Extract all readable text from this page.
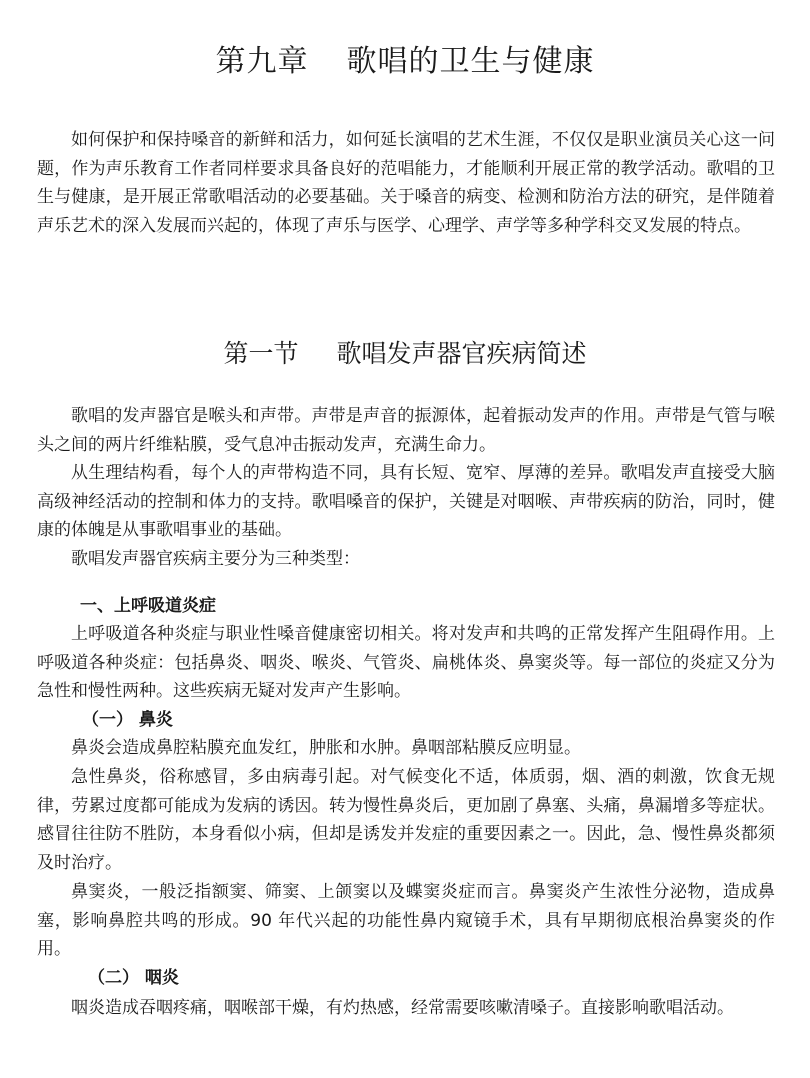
第九章 歌唱的卫生与健康

如何保护和保持嗓音的新鲜和活力，如何延长演唱的艺术生涯，不仅仅是职业演员关心这一问题，作为声乐教育工作者同样要求具备良好的范唱能力，才能顺利开展正常的教学活动。歌唱的卫生与健康，是开展正常歌唱活动的必要基础。关于嗓音的病变、检测和防治方法的研究，是伴随着声乐艺术的深入发展而兴起的，体现了声乐与医学、心理学、声学等多种学科交叉发展的特点。

第一节 歌唱发声器官疾病简述

歌唱的发声器官是喉头和声带。声带是声音的振源体，起着振动发声的作用。声带是气管与喉头之间的两片纤维粘膜，受气息冲击振动发声，充满生命力。

从生理结构看，每个人的声带构造不同，具有长短、宽窄、厚薄的差异。歌唱发声直接受大脑高级神经活动的控制和体力的支持。歌唱嗓音的保护，关键是对咽喉、声带疾病的防治，同时，健康的体魄是从事歌唱事业的基础。

歌唱发声器官疾病主要分为三种类型：

一、上呼吸道炎症

上呼吸道各种炎症与职业性嗓音健康密切相关。将对发声和共鸣的正常发挥产生阻碍作用。上呼吸道各种炎症：包括鼻炎、咽炎、喉炎、气管炎、扁桃体炎、鼻窦炎等。每一部位的炎症又分为急性和慢性两种。这些疾病无疑对发声产生影响。

（一） 鼻炎

鼻炎会造成鼻腔粘膜充血发红，肿胀和水肿。鼻咽部粘膜反应明显。

急性鼻炎，俗称感冒，多由病毒引起。对气候变化不适，体质弱，烟、酒的刺激，饮食无规律，劳累过度都可能成为发病的诱因。转为慢性鼻炎后，更加剧了鼻塞、头痛，鼻漏增多等症状。感冒往往防不胜防，本身看似小病，但却是诱发并发症的重要因素之一。因此，急、慢性鼻炎都须及时治疗。

鼻窦炎，一般泛指额窦、筛窦、上颌窦以及蝶窦炎症而言。鼻窦炎产生浓性分泌物，造成鼻塞，影响鼻腔共鸣的形成。90 年代兴起的功能性鼻内窥镜手术，具有早期彻底根治鼻窦炎的作用。

（二） 咽炎

咽炎造成吞咽疼痛，咽喉部干燥，有灼热感，经常需要咳嗽清嗓子。直接影响歌唱活动。
